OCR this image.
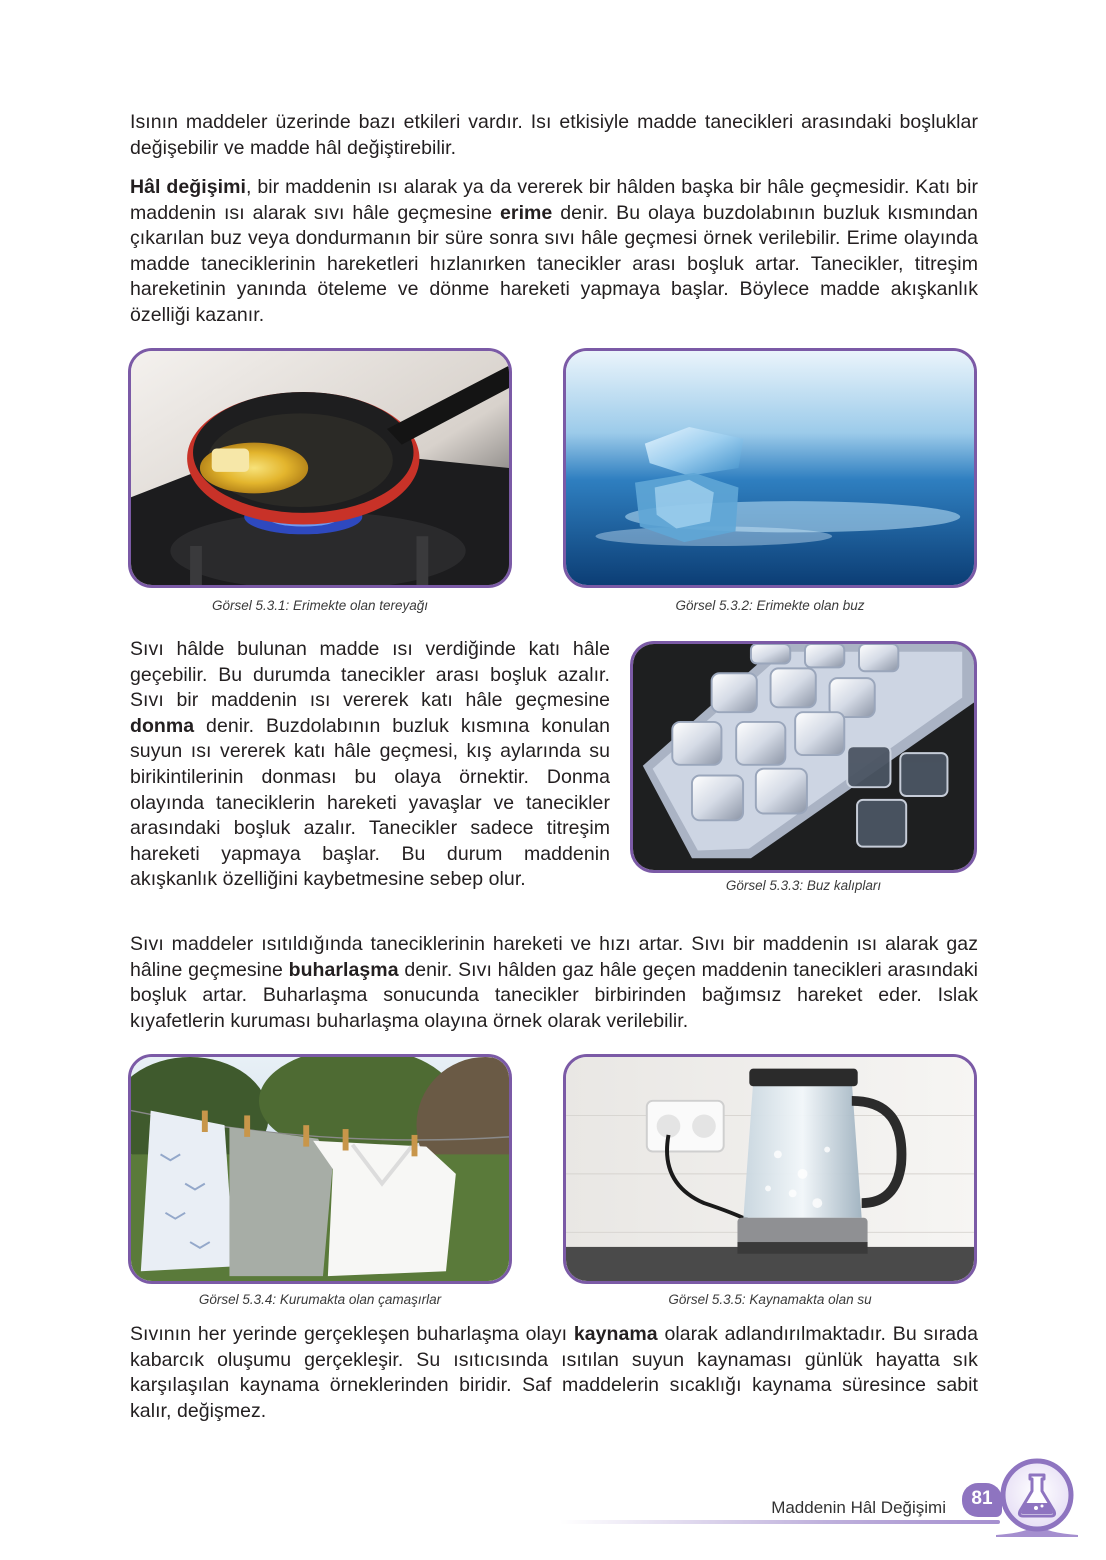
Isının maddeler üzerinde bazı etkileri vardır. Isı etkisiyle madde tanecikleri arasındaki boşluklar değişebilir ve madde hâl değiştirebilir.

Hâl değişimi, bir maddenin ısı alarak ya da vererek bir hâlden başka bir hâle geçmesidir. Katı bir maddenin ısı alarak sıvı hâle geçmesine erime denir. Bu olaya buzdolabının buzluk kısmından çıkarılan buz veya dondurmanın bir süre sonra sıvı hâle geçmesi örnek verilebilir. Erime olayında madde taneciklerinin hareketleri hızlanırken tanecikler arası boşluk artar. Tanecikler, titreşim hareketinin yanında öteleme ve dönme hareketi yapmaya başlar. Böylece madde akışkanlık özelliği kazanır.

Görsel 5.3.1: Erimekte olan tereyağı	Görsel 5.3.2: Erimekte olan buz

Sıvı hâlde bulunan madde ısı verdiğinde katı hâle geçebilir. Bu durumda tanecikler arası boşluk azalır. Sıvı bir maddenin ısı vererek katı hâle geçmesine donma denir. Buzdolabının buzluk kısmına konulan suyun ısı vererek katı hâle geçmesi, kış aylarında su birikintilerinin donması bu olaya örnektir. Donma olayında taneciklerin hareketi yavaşlar ve tanecikler arasındaki boşluk azalır. Tanecikler sadece titreşim hareketi yapmaya başlar. Bu durum maddenin akışkanlık özelliğini kaybetmesine sebep olur.	Görsel 5.3.3: Buz kalıpları

Sıvı maddeler ısıtıldığında taneciklerinin hareketi ve hızı artar. Sıvı bir maddenin ısı alarak gaz hâline geçmesine buharlaşma denir. Sıvı hâlden gaz hâle geçen maddenin tanecikleri arasındaki boşluk artar. Buharlaşma sonucunda tanecikler birbirinden bağımsız hareket eder. Islak kıyafetlerin kuruması buharlaşma olayına örnek olarak verilebilir.

Görsel 5.3.4: Kurumakta olan çamaşırlar	Görsel 5.3.5: Kaynamakta olan su

Sıvının her yerinde gerçekleşen buharlaşma olayı kaynama olarak adlandırılmaktadır. Bu sırada kabarcık oluşumu gerçekleşir. Su ısıtıcısında ısıtılan suyun kaynaması günlük hayatta sık karşılaşılan kaynama örneklerinden biridir. Saf maddelerin sıcaklığı kaynama süresince sabit kalır, değişmez.

Maddenin Hâl Değişimi	81
